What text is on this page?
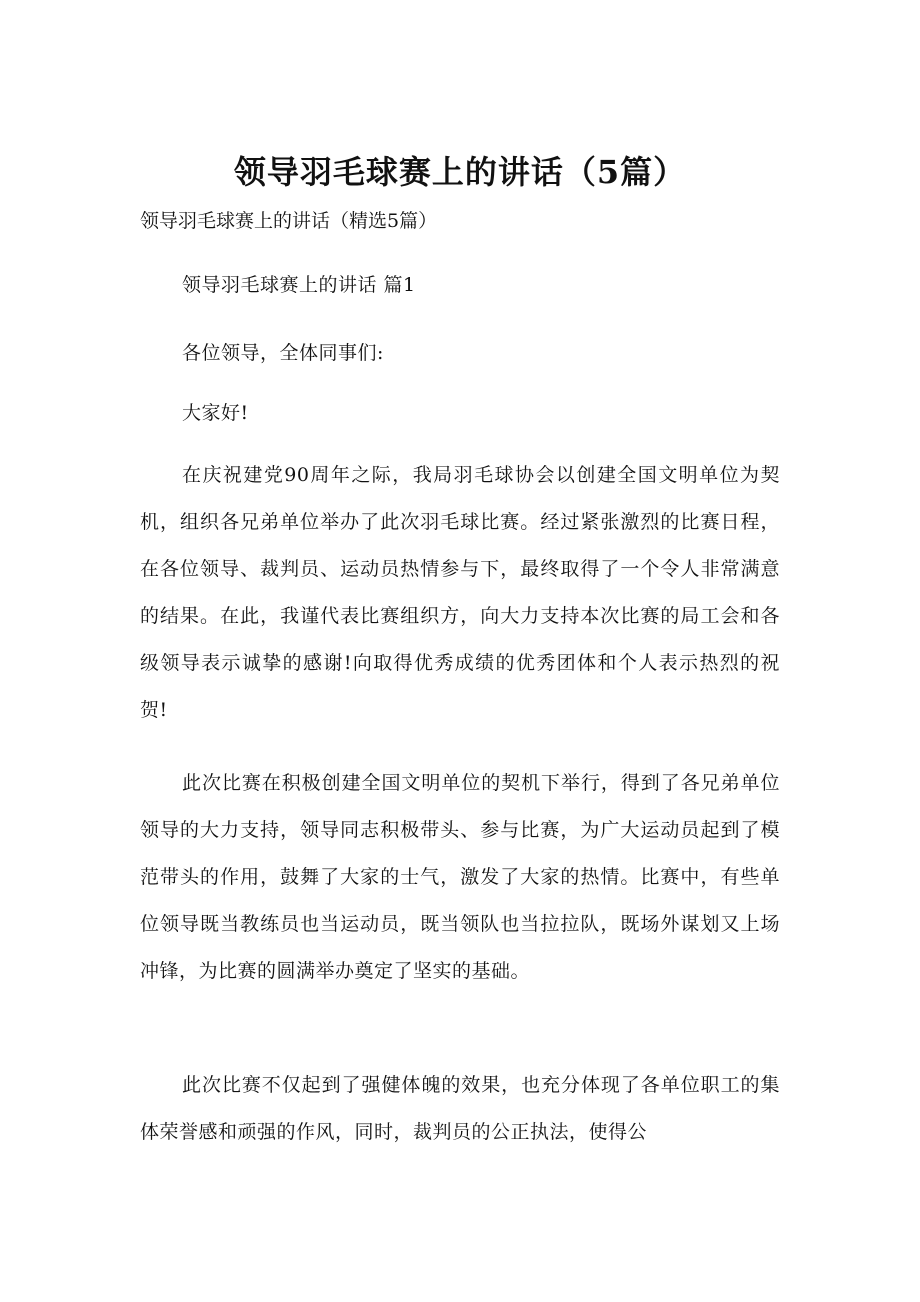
领导羽毛球赛上的讲话（5篇）

领导羽毛球赛上的讲话（精选5篇）

领导羽毛球赛上的讲话 篇1

各位领导，全体同事们:

大家好!

在庆祝建党90周年之际，我局羽毛球协会以创建全国文明单位为契机，组织各兄弟单位举办了此次羽毛球比赛。经过紧张激烈的比赛日程，在各位领导、裁判员、运动员热情参与下，最终取得了一个令人非常满意的结果。在此，我谨代表比赛组织方，向大力支持本次比赛的局工会和各级领导表示诚挚的感谢!向取得优秀成绩的优秀团体和个人表示热烈的祝贺!

此次比赛在积极创建全国文明单位的契机下举行，得到了各兄弟单位领导的大力支持，领导同志积极带头、参与比赛，为广大运动员起到了模范带头的作用，鼓舞了大家的士气，激发了大家的热情。比赛中，有些单位领导既当教练员也当运动员，既当领队也当拉拉队，既场外谋划又上场冲锋，为比赛的圆满举办奠定了坚实的基础。

此次比赛不仅起到了强健体魄的效果，也充分体现了各单位职工的集体荣誉感和顽强的作风，同时，裁判员的公正执法，使得公
